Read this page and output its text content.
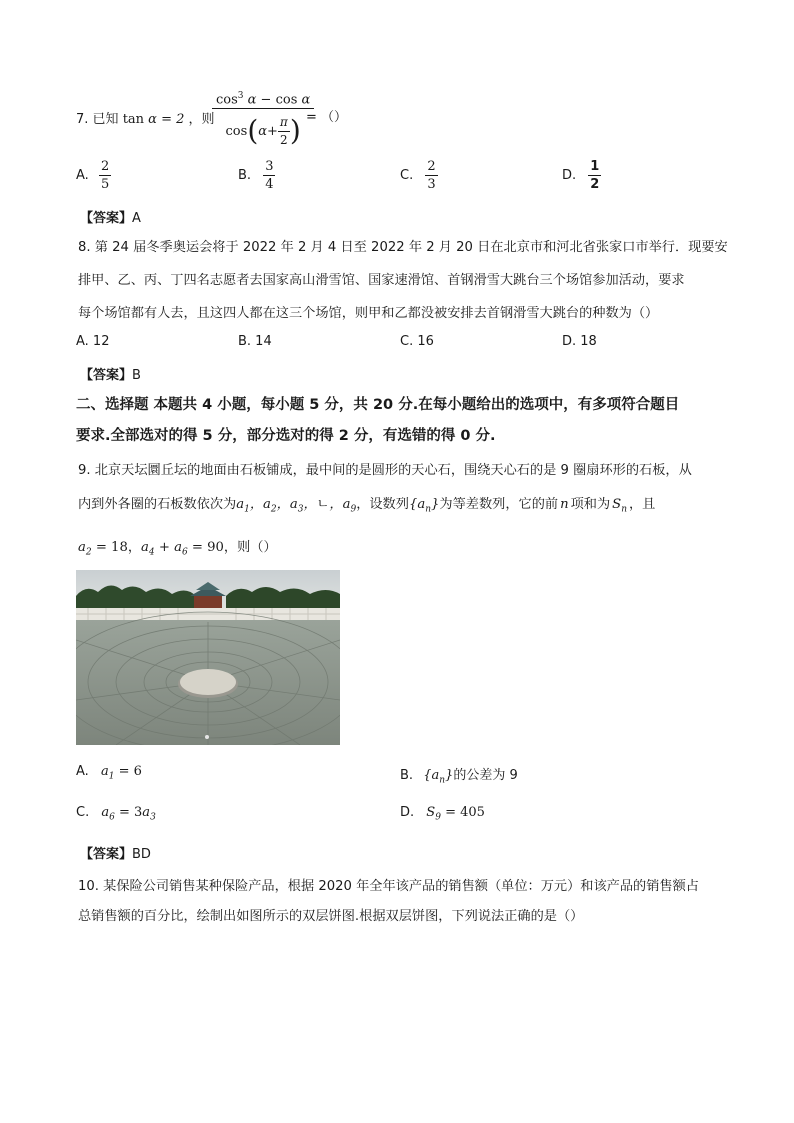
7. 已知 tan α = 2 ，则
$\frac{\cos^3 \alpha - \cos \alpha}{\cos ( \alpha+ \frac{\pi}{2} )}$
= （）
A. $\frac{2}{5}$	B. $\frac{3}{4}$	C. $\frac{2}{3}$	D. $\frac{1}{2}$
【答案】A
8. 第 24 届冬季奥运会将于 2022 年 2 月 4 日至 2022 年 2 月 20 日在北京市和河北省张家口市举行．现要安
排甲、乙、丙、丁四名志愿者去国家高山滑雪馆、国家速滑馆、首钢滑雪大跳台三个场馆参加活动，要求
每个场馆都有人去，且这四人都在这三个场馆，则甲和乙都没被安排去首钢滑雪大跳台的种数为（）
A. 12	B. 14	C. 16	D. 18
【答案】B
二、选择题 本题共 4 小题，每小题 5 分，共 20 分.在每小题给出的选项中，有多项符合题目
要求.全部选对的得 5 分，部分选对的得 2 分，有选错的得 0 分.
9. 北京天坛圜丘坛的地面由石板铺成，最中间的是圆形的天心石，围绕天心石的是 9 圈扇环形的石板，从
内到外各圈的石板数依次为$a_1$，$a_2$，$a_3$，ㄴ，$a_9$，设数列$\{a_n\}$为等差数列，它的前 n 项和为 $S_n$ ，且
$a_2 = 18$，$a_4 + a_6 = 90$，则（）
A. $a_1 = 6$	B. $\{a_n\}$的公差为 9
C. $a_6 = 3a_3$	D. $S_9 = 405$
【答案】BD
10. 某保险公司销售某种保险产品，根据 2020 年全年该产品的销售额（单位：万元）和该产品的销售额占
总销售额的百分比，绘制出如图所示的双层饼图.根据双层饼图，下列说法正确的是（）
